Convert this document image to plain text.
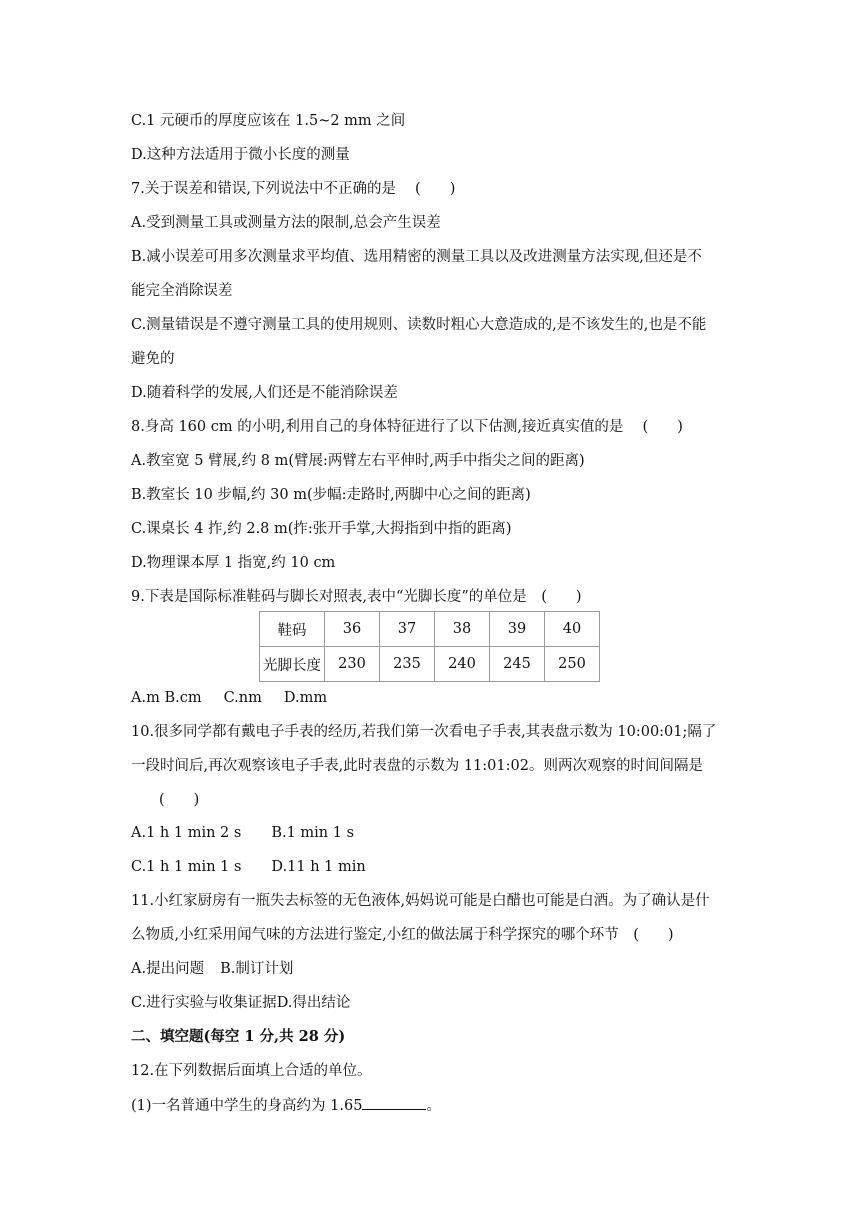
C.1 元硬币的厚度应该在 1.5~2 mm 之间
D.这种方法适用于微小长度的测量
7.关于误差和错误,下列说法中不正确的是　 (　　)
A.受到测量工具或测量方法的限制,总会产生误差
B.减小误差可用多次测量求平均值、选用精密的测量工具以及改进测量方法实现,但还是不
能完全消除误差
C.测量错误是不遵守测量工具的使用规则、读数时粗心大意造成的,是不该发生的,也是不能
避免的
D.随着科学的发展,人们还是不能消除误差
8.身高 160 cm 的小明,利用自己的身体特征进行了以下估测,接近真实值的是　 (　　)
A.教室宽 5 臂展,约 8 m(臂展:两臂左右平伸时,两手中指尖之间的距离)
B.教室长 10 步幅,约 30 m(步幅:走路时,两脚中心之间的距离)
C.课桌长 4 拃,约 2.8 m(拃:张开手掌,大拇指到中指的距离)
D.物理课本厚 1 指宽,约 10 cm
9.下表是国际标准鞋码与脚长对照表,表中“光脚长度”的单位是　(　　)
鞋码	36	37	38	39	40
光脚长度	230	235	240	245	250
A.m B.cm C.nm D.mm
10.很多同学都有戴电子手表的经历,若我们第一次看电子手表,其表盘示数为 10:00:01;隔了
一段时间后,再次观察该电子手表,此时表盘的示数为 11:01:02。则两次观察的时间间隔是
(　　)
A.1 h 1 min 2 s B.1 min 1 s
C.1 h 1 min 1 s D.11 h 1 min
11.小红家厨房有一瓶失去标签的无色液体,妈妈说可能是白醋也可能是白酒。为了确认是什
么物质,小红采用闻气味的方法进行鉴定,小红的做法属于科学探究的哪个环节　(　　)
A.提出问题 B.制订计划
C.进行实验与收集证据D.得出结论
二、填空题(每空 1 分,共 28 分)
12.在下列数据后面填上合适的单位。
(1)一名普通中学生的身高约为 1.65	。
